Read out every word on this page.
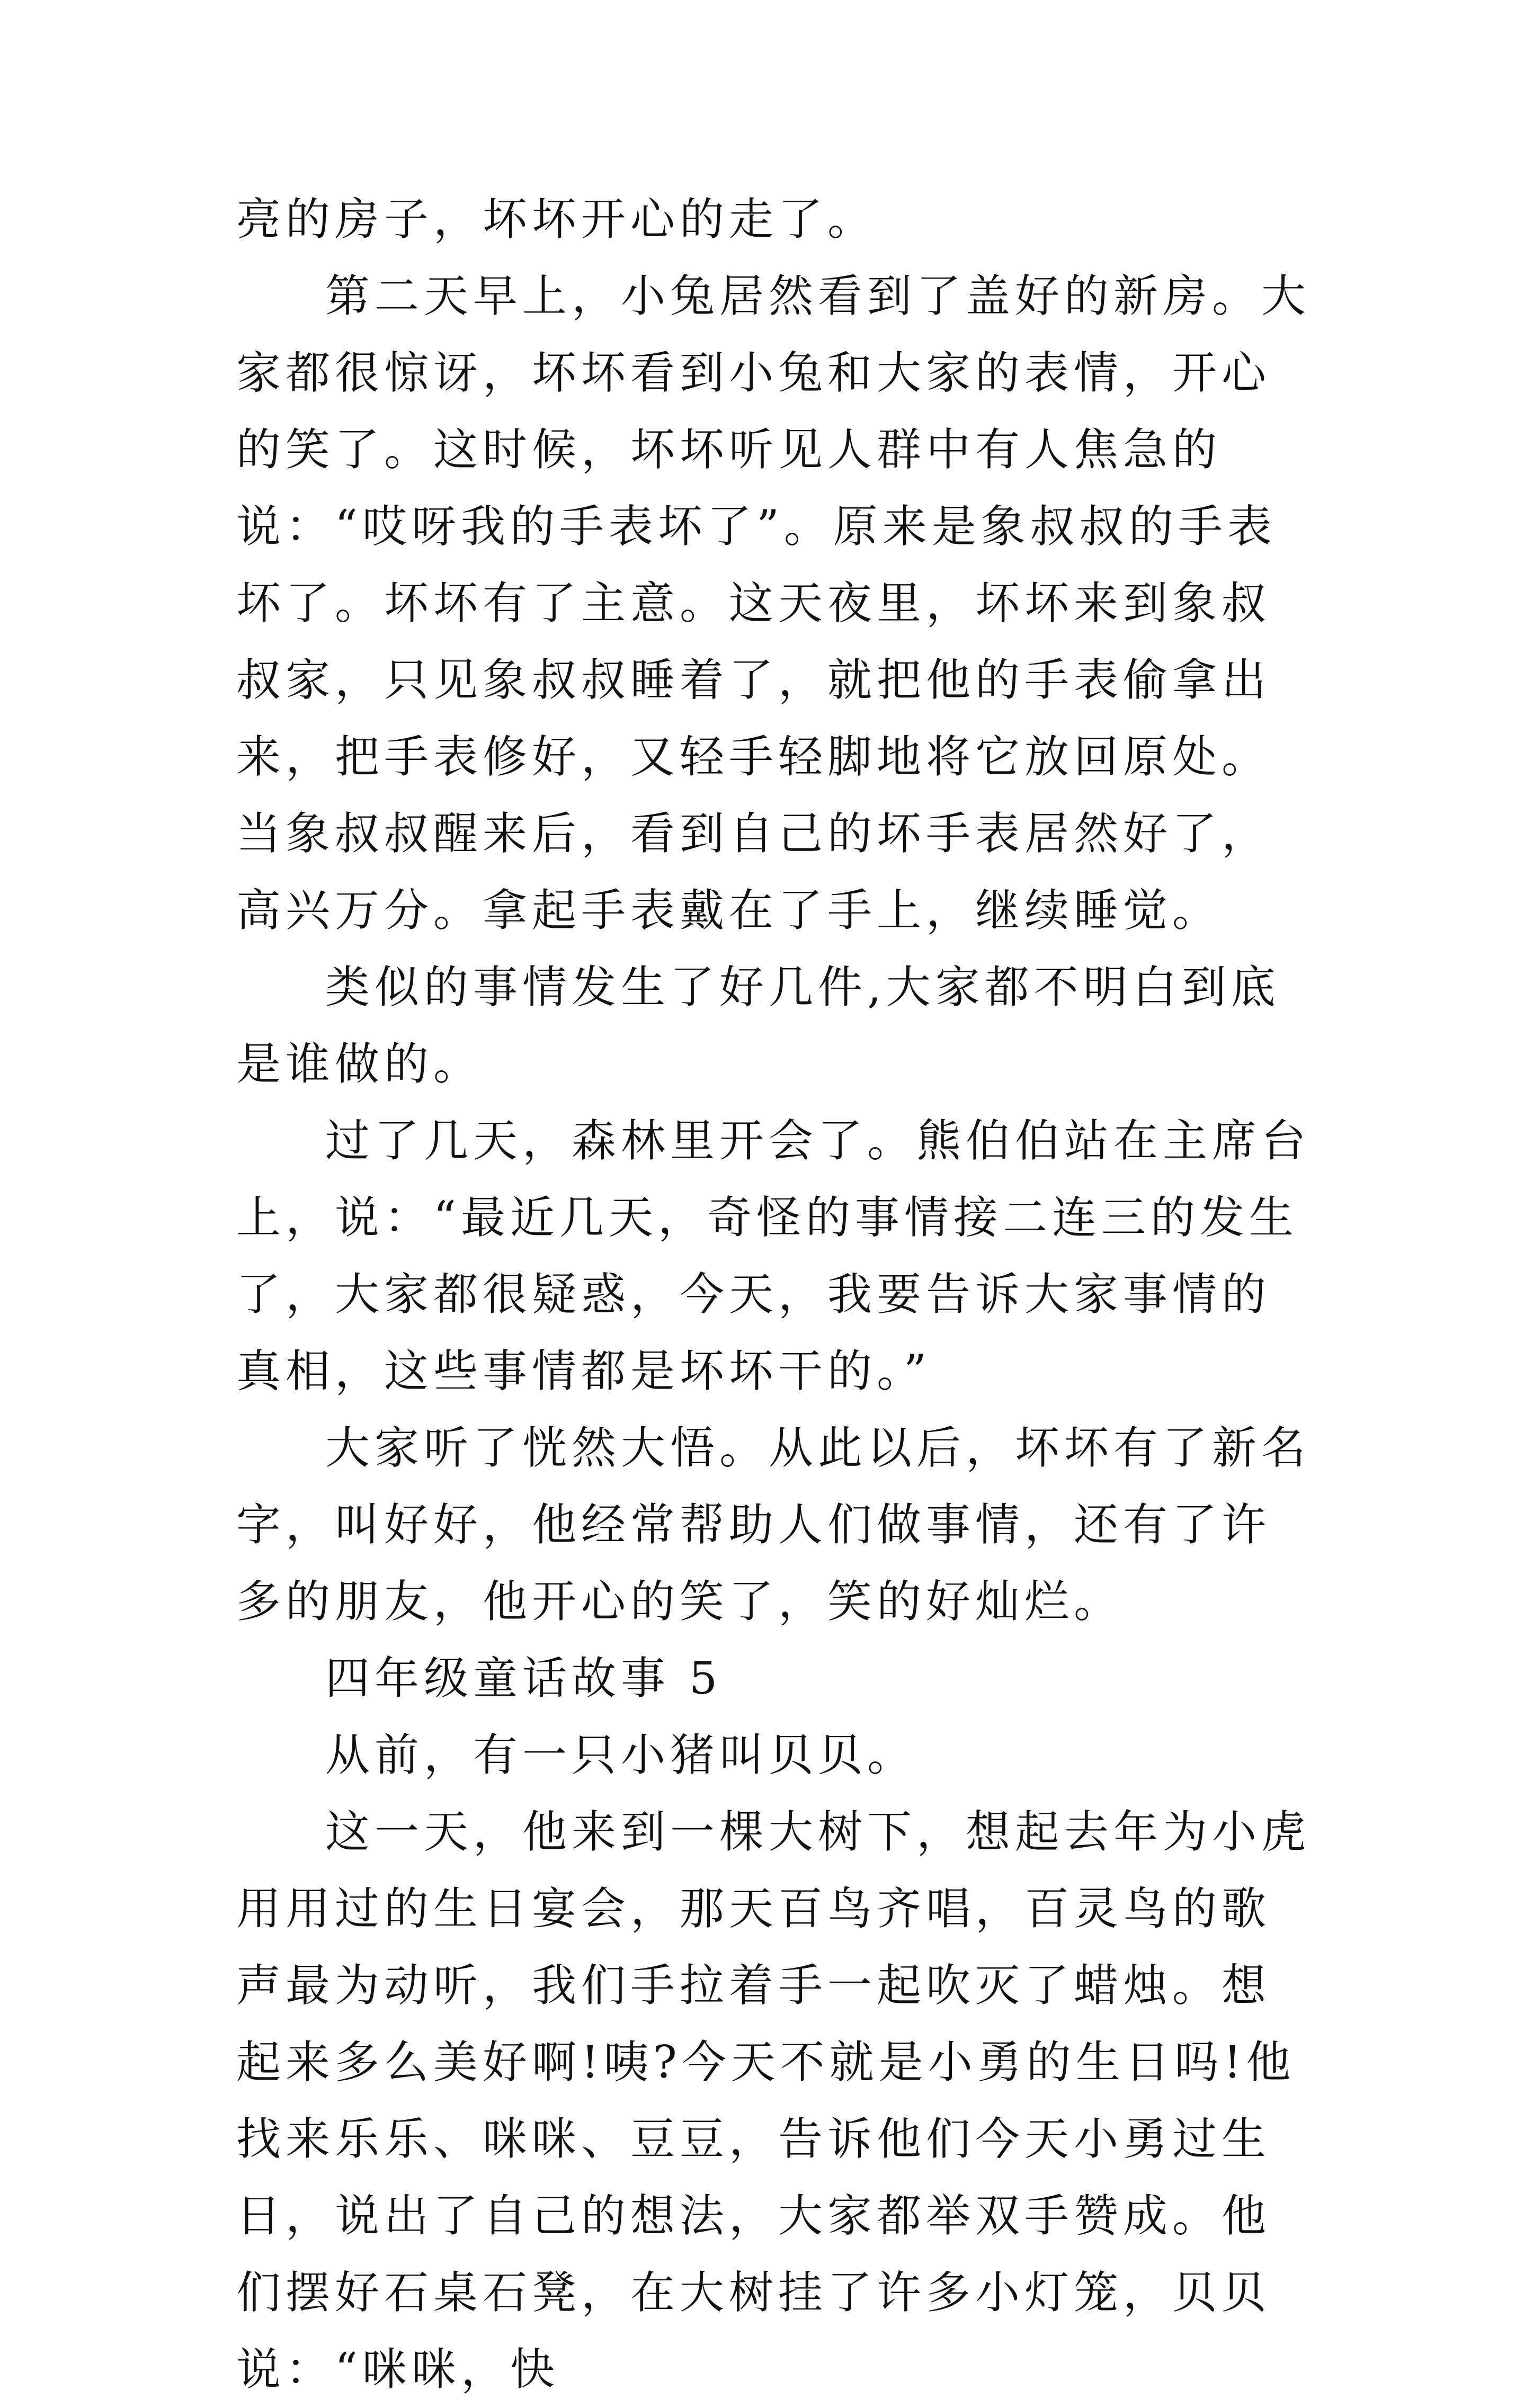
亮的房子，坏坏开心的走了。

第二天早上，小兔居然看到了盖好的新房。大家都很惊讶，坏坏看到小兔和大家的表情，开心的笑了。这时候，坏坏听见人群中有人焦急的说：“哎呀我的手表坏了”。原来是象叔叔的手表坏了。坏坏有了主意。这天夜里，坏坏来到象叔叔家，只见象叔叔睡着了，就把他的手表偷拿出来，把手表修好，又轻手轻脚地将它放回原处。当象叔叔醒来后，看到自己的坏手表居然好了，高兴万分。拿起手表戴在了手上，继续睡觉。

类似的事情发生了好几件,大家都不明白到底是谁做的。

过了几天，森林里开会了。熊伯伯站在主席台上，说：“最近几天，奇怪的事情接二连三的发生了，大家都很疑惑，今天，我要告诉大家事情的真相，这些事情都是坏坏干的。”

大家听了恍然大悟。从此以后，坏坏有了新名字，叫好好，他经常帮助人们做事情，还有了许多的朋友，他开心的笑了，笑的好灿烂。

四年级童话故事 5

从前，有一只小猪叫贝贝。

这一天，他来到一棵大树下，想起去年为小虎用用过的生日宴会，那天百鸟齐唱，百灵鸟的歌声最为动听，我们手拉着手一起吹灭了蜡烛。想起来多么美好啊!咦?今天不就是小勇的生日吗!他找来乐乐、咪咪、豆豆，告诉他们今天小勇过生日，说出了自己的想法，大家都举双手赞成。他们摆好石桌石凳，在大树挂了许多小灯笼，贝贝说：“咪咪，快
